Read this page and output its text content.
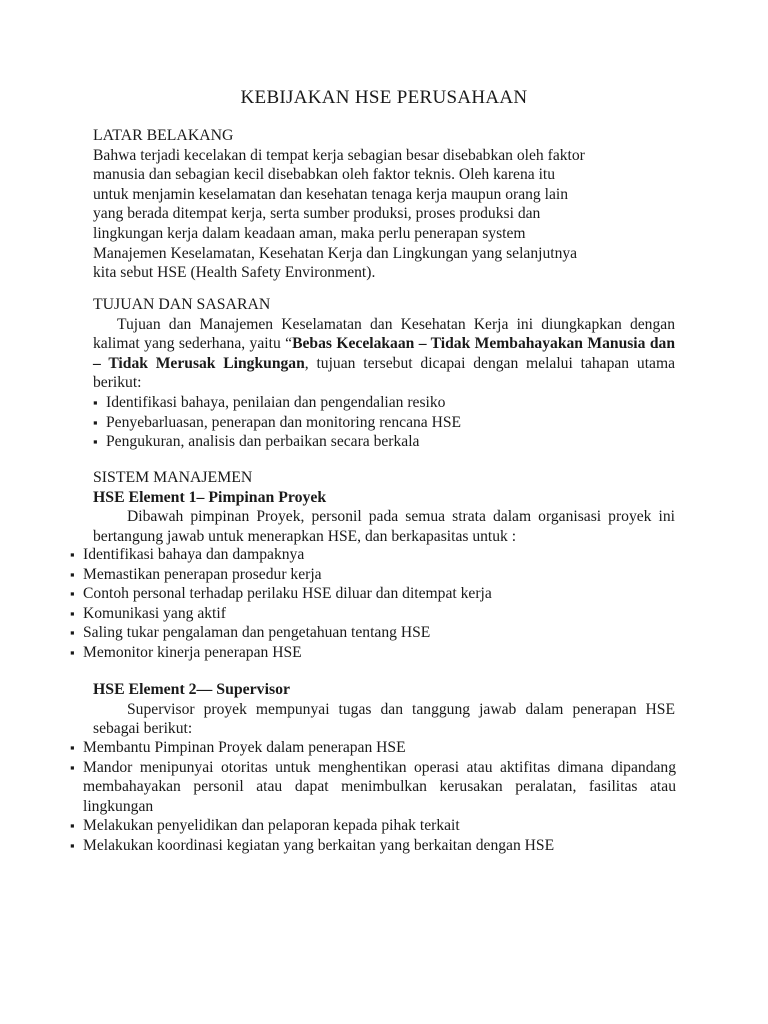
KEBIJAKAN HSE PERUSAHAAN
LATAR BELAKANG
Bahwa terjadi kecelakan di tempat kerja sebagian besar disebabkan oleh faktor
manusia dan sebagian kecil disebabkan oleh faktor teknis. Oleh karena itu
untuk menjamin keselamatan dan kesehatan tenaga kerja maupun orang lain
yang berada ditempat kerja, serta sumber produksi, proses produksi dan
lingkungan kerja dalam keadaan aman, maka perlu penerapan system
Manajemen Keselamatan, Kesehatan Kerja dan Lingkungan yang selanjutnya
kita sebut HSE (Health Safety Environment).
TUJUAN DAN SASARAN

Tujuan dan Manajemen Keselamatan dan Kesehatan Kerja ini diungkapkan dengan kalimat yang sederhana, yaitu “Bebas Kecelakaan – Tidak Membahayakan Manusia dan – Tidak Merusak Lingkungan, tujuan tersebut dicapai dengan melalui tahapan utama berikut:

▪ Identifikasi bahaya, penilaian dan pengendalian resiko
▪ Penyebarluasan, penerapan dan monitoring rencana HSE
▪ Pengukuran, analisis dan perbaikan secara berkala
SISTEM MANAJEMEN
HSE Element 1– Pimpinan Proyek

Dibawah pimpinan Proyek, personil pada semua strata dalam organisasi proyek ini bertangung jawab untuk menerapkan HSE, dan berkapasitas untuk :

▪ Identifikasi bahaya dan dampaknya
▪ Memastikan penerapan prosedur kerja
▪ Contoh personal terhadap perilaku HSE diluar dan ditempat kerja
▪ Komunikasi yang aktif
▪ Saling tukar pengalaman dan pengetahuan tentang HSE
▪ Memonitor kinerja penerapan HSE
HSE Element 2— Supervisor

Supervisor proyek mempunyai tugas dan tanggung jawab dalam penerapan HSE sebagai berikut:

▪ Membantu Pimpinan Proyek dalam penerapan HSE
▪ Mandor menipunyai otoritas untuk menghentikan operasi atau aktifitas dimana dipandang membahayakan personil atau dapat menimbulkan kerusakan peralatan, fasilitas atau lingkungan
▪ Melakukan penyelidikan dan pelaporan kepada pihak terkait
▪ Melakukan koordinasi kegiatan yang berkaitan yang berkaitan dengan HSE
